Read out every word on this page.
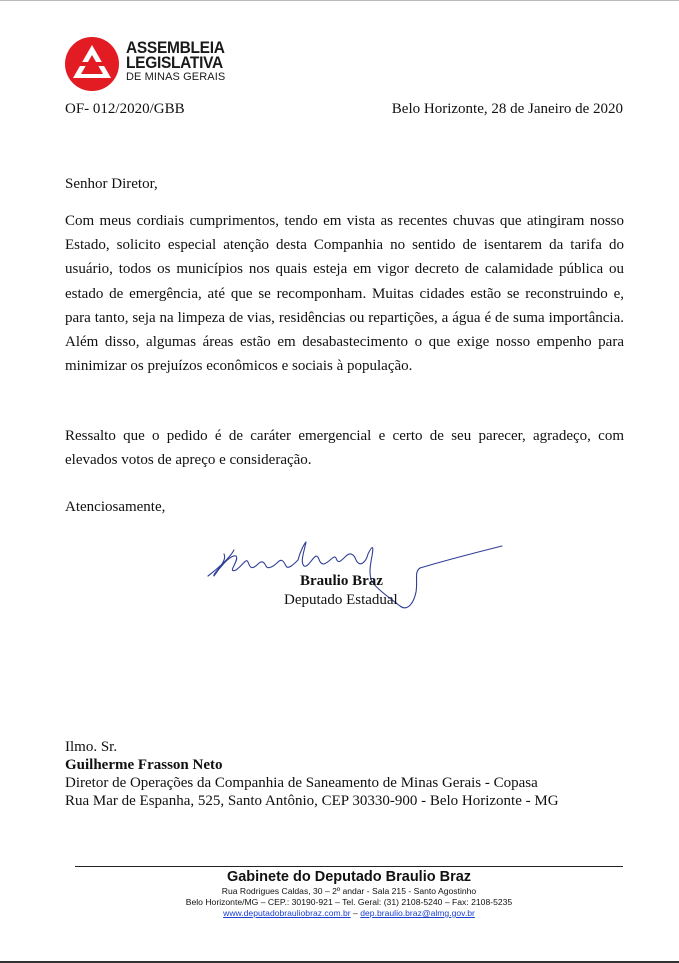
ASSEMBLEIA
LEGISLATIVA
DE MINAS GERAIS
OF- 012/2020/GBB	Belo Horizonte, 28 de Janeiro de 2020
Senhor Diretor,

Com meus cordiais cumprimentos, tendo em vista as recentes chuvas que atingiram nosso Estado, solicito especial atenção desta Companhia no sentido de isentarem da tarifa do usuário, todos os municípios nos quais esteja em vigor decreto de calamidade pública ou estado de emergência, até que se recomponham. Muitas cidades estão se reconstruindo e, para tanto, seja na limpeza de vias, residências ou repartições, a água é de suma importância. Além disso, algumas áreas estão em desabastecimento o que exige nosso empenho para minimizar os prejuízos econômicos e sociais à população.

Ressalto que o pedido é de caráter emergencial e certo de seu parecer, agradeço, com elevados votos de apreço e consideração.

Atenciosamente,
Braulio Braz
Deputado Estadual
Ilmo. Sr.
Guilherme Frasson Neto
Diretor de Operações da Companhia de Saneamento de Minas Gerais - Copasa
Rua Mar de Espanha, 525, Santo Antônio, CEP 30330-900 - Belo Horizonte - MG
Gabinete do Deputado Braulio Braz
Rua Rodrigues Caldas, 30 – 2º andar - Sala 215 - Santo Agostinho
Belo Horizonte/MG – CEP.: 30190-921 – Tel. Geral: (31) 2108-5240 – Fax: 2108-5235
www.deputadobrauliobraz.com.br – dep.braulio.braz@almg.gov.br
